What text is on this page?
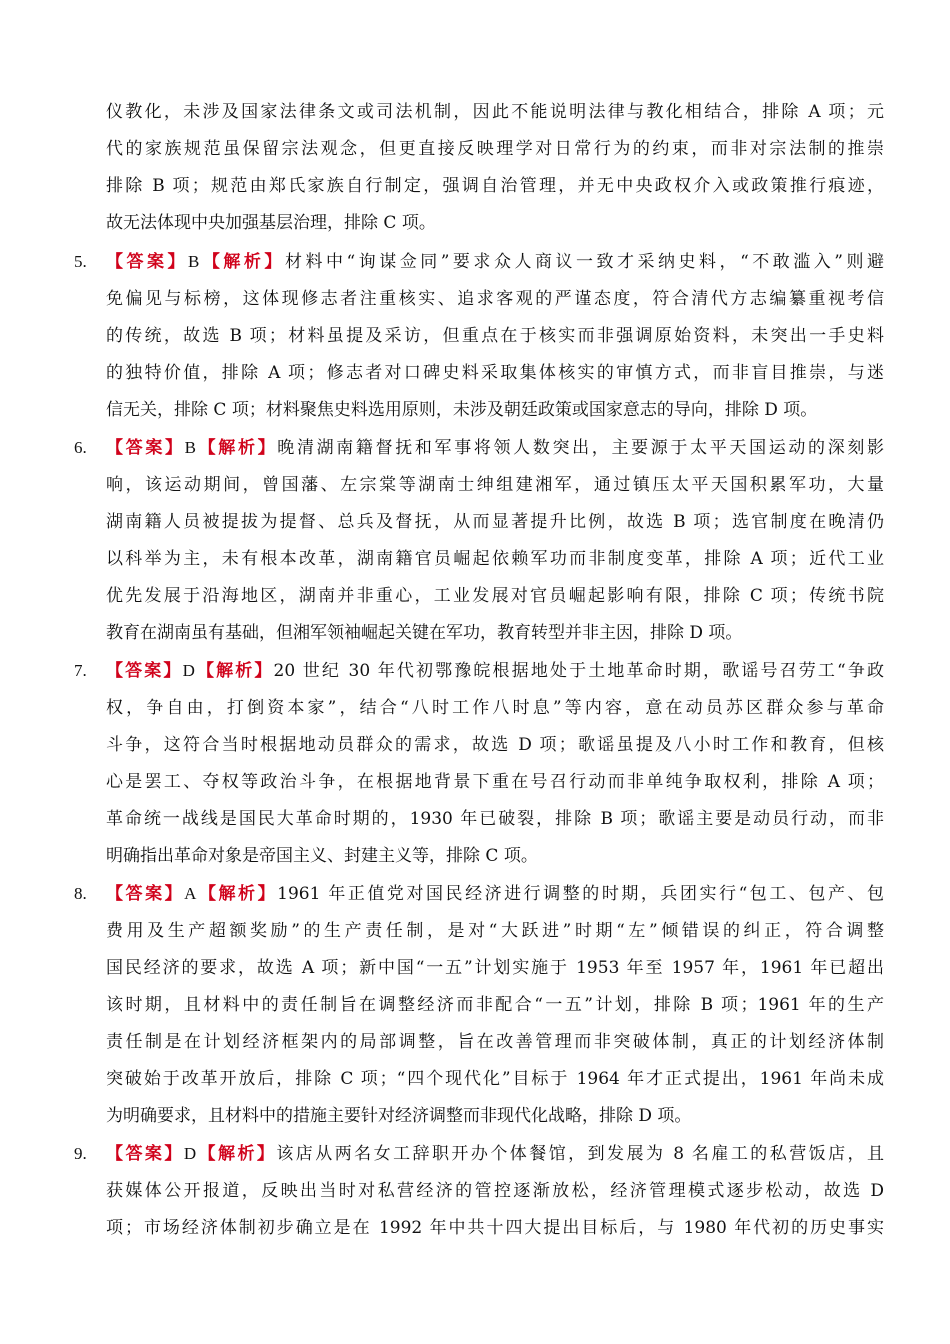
仪教化，未涉及国家法律条文或司法机制，因此不能说明法律与教化相结合，排除 A 项；元
代的家族规范虽保留宗法观念，但更直接反映理学对日常行为的约束，而非对宗法制的推崇
排除 B 项；规范由郑氏家族自行制定，强调自治管理，并无中央政权介入或政策推行痕迹，
故无法体现中央加强基层治理，排除 C 项。
5. 【答案】B【解析】材料中“询谋佥同”要求众人商议一致才采纳史料，“不敢滥入”则避
免偏见与标榜，这体现修志者注重核实、追求客观的严谨态度，符合清代方志编纂重视考信
的传统，故选 B 项；材料虽提及采访，但重点在于核实而非强调原始资料，未突出一手史料
的独特价值，排除 A 项；修志者对口碑史料采取集体核实的审慎方式，而非盲目推崇，与迷
信无关，排除 C 项；材料聚焦史料选用原则，未涉及朝廷政策或国家意志的导向，排除 D 项。
6. 【答案】B【解析】晚清湖南籍督抚和军事将领人数突出，主要源于太平天国运动的深刻影
响，该运动期间，曾国藩、左宗棠等湖南士绅组建湘军，通过镇压太平天国积累军功，大量
湖南籍人员被提拔为提督、总兵及督抚，从而显著提升比例，故选 B 项；选官制度在晚清仍
以科举为主，未有根本改革，湖南籍官员崛起依赖军功而非制度变革，排除 A 项；近代工业
优先发展于沿海地区，湖南并非重心，工业发展对官员崛起影响有限，排除 C 项；传统书院
教育在湖南虽有基础，但湘军领袖崛起关键在军功，教育转型并非主因，排除 D 项。
7. 【答案】D【解析】20 世纪 30 年代初鄂豫皖根据地处于土地革命时期，歌谣号召劳工“争政
权，争自由，打倒资本家”，结合“八时工作八时息”等内容，意在动员苏区群众参与革命
斗争，这符合当时根据地动员群众的需求，故选 D 项；歌谣虽提及八小时工作和教育，但核
心是罢工、夺权等政治斗争，在根据地背景下重在号召行动而非单纯争取权利，排除 A 项；
革命统一战线是国民大革命时期的，1930 年已破裂，排除 B 项；歌谣主要是动员行动，而非
明确指出革命对象是帝国主义、封建主义等，排除 C 项。
8. 【答案】A【解析】1961 年正值党对国民经济进行调整的时期，兵团实行“包工、包产、包
费用及生产超额奖励”的生产责任制，是对“大跃进”时期“左”倾错误的纠正，符合调整
国民经济的要求，故选 A 项；新中国“一五”计划实施于 1953 年至 1957 年，1961 年已超出
该时期，且材料中的责任制旨在调整经济而非配合“一五”计划，排除 B 项；1961 年的生产
责任制是在计划经济框架内的局部调整，旨在改善管理而非突破体制，真正的计划经济体制
突破始于改革开放后，排除 C 项；“四个现代化”目标于 1964 年才正式提出，1961 年尚未成
为明确要求，且材料中的措施主要针对经济调整而非现代化战略，排除 D 项。
9. 【答案】D【解析】该店从两名女工辞职开办个体餐馆，到发展为 8 名雇工的私营饭店，且
获媒体公开报道，反映出当时对私营经济的管控逐渐放松，经济管理模式逐步松动，故选 D
项；市场经济体制初步确立是在 1992 年中共十四大提出目标后，与 1980 年代初的历史事实
